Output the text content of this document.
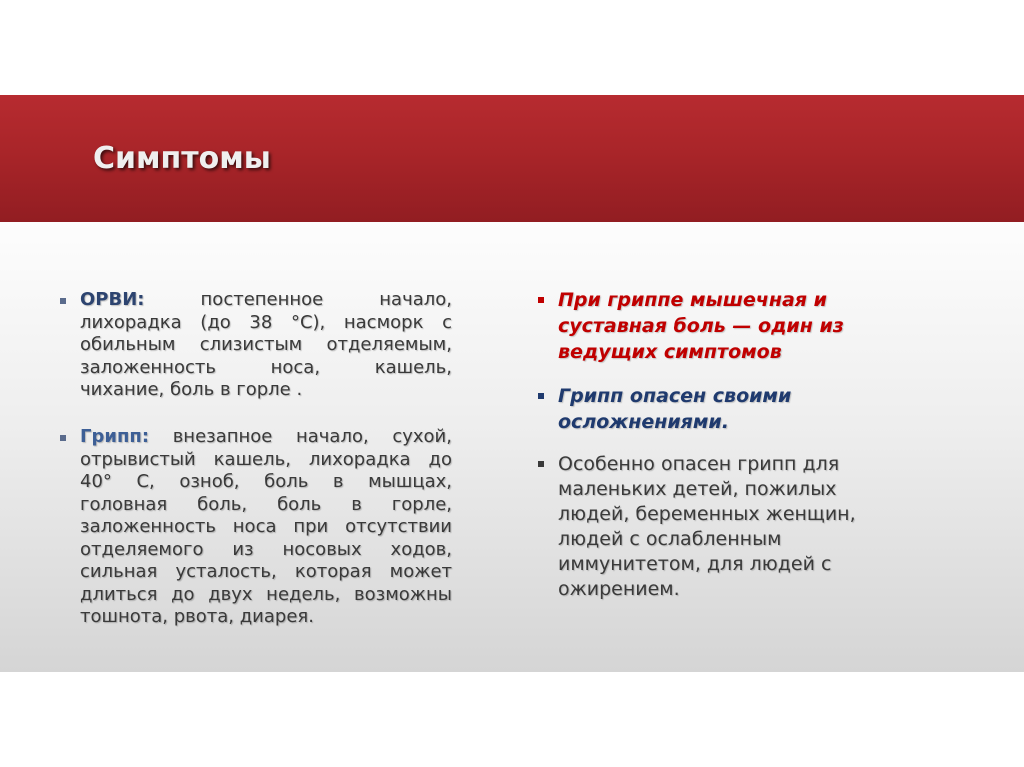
Симптомы
ОРВИ:	постепенное начало,
лихорадка (до 38 °С), насморк с
обильным слизистым отделяемым,
заложенность носа, кашель,
чихание, боль в горле .
Грипп: внезапное начало, сухой,
отрывистый кашель, лихорадка до
40° С, озноб, боль в мышцах,
головная боль, боль в горле,
заложенность носа при отсутствии
отделяемого из носовых ходов,
сильная усталость, которая может
длиться до двух недель, возможны
тошнота, рвота, диарея.
При гриппе мышечная и
суставная боль — один из
ведущих симптомов
Грипп опасен своими
осложнениями.
Особенно опасен грипп для
маленьких детей, пожилых
людей, беременных женщин,
людей с ослабленным
иммунитетом, для людей с
ожирением.
